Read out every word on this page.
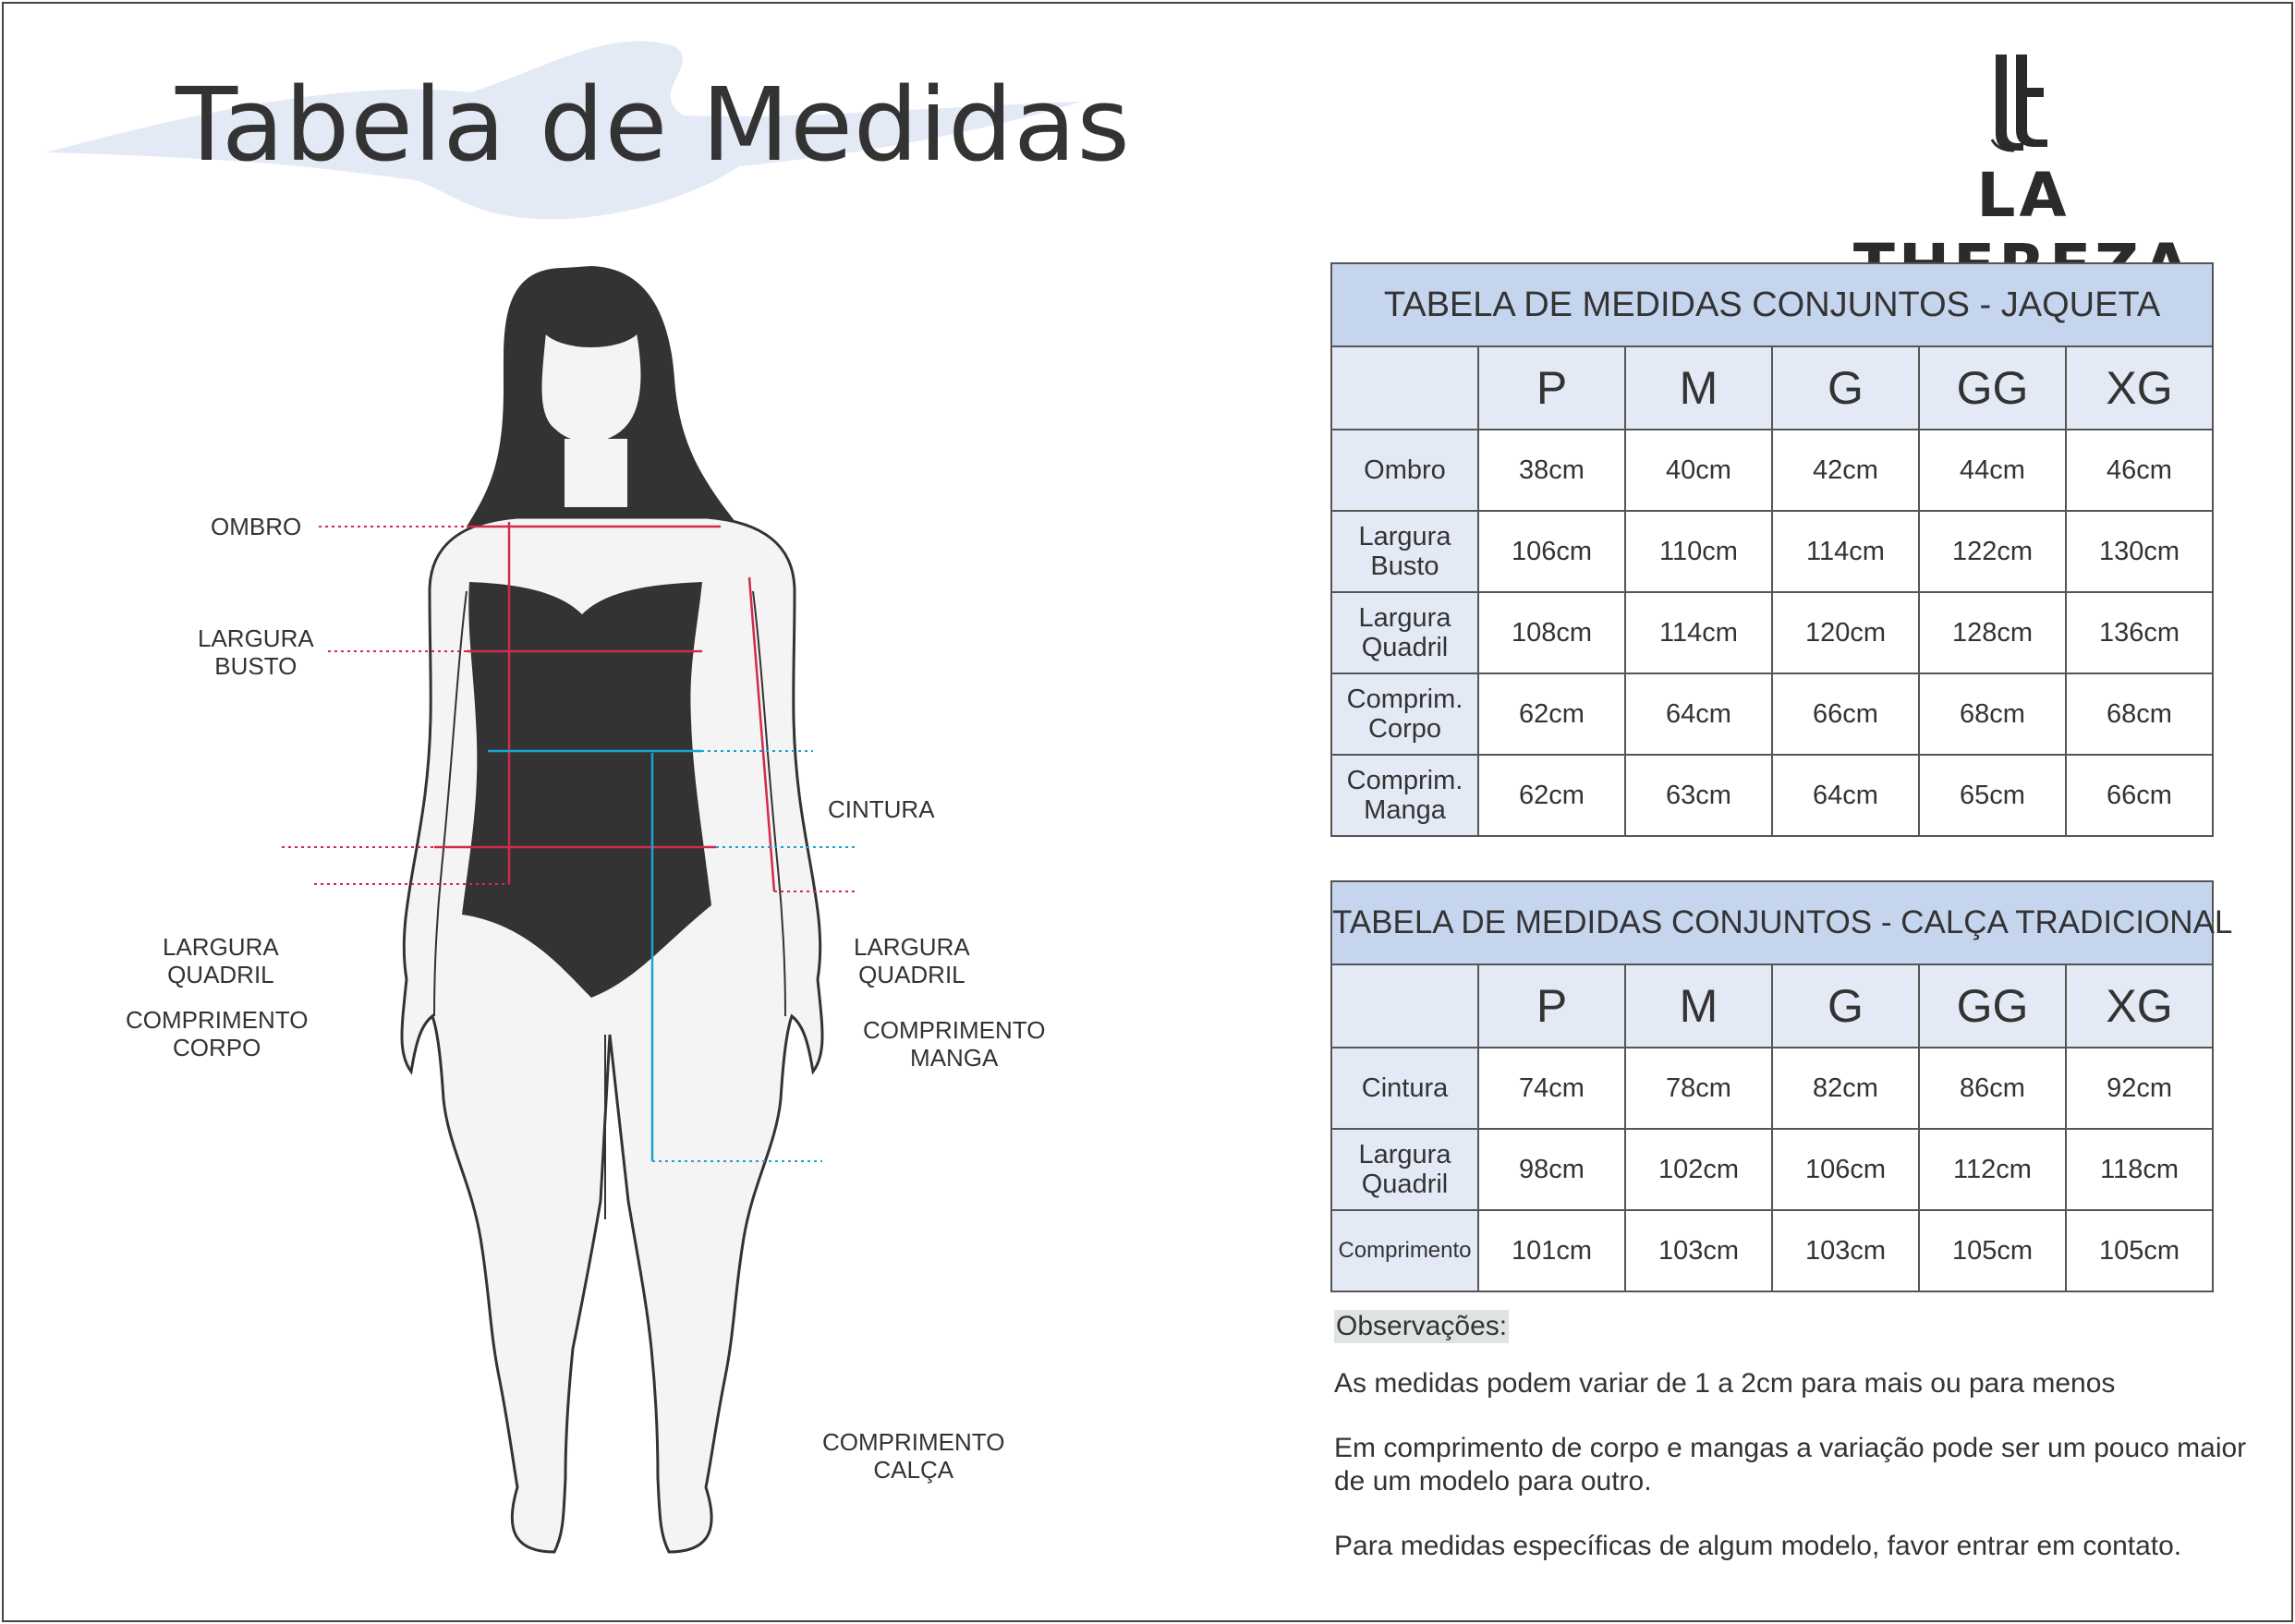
Tabela de Medidas
LA
OMBRO
LARGURA
BUSTO
CINTURA
LARGURA
QUADRIL
LARGURA
QUADRIL
COMPRIMENTO
CORPO
COMPRIMENTO
MANGA
COMPRIMENTO
CALÇA
TABELA DE MEDIDAS CONJUNTOS - JAQUETA					
	P	M	G	GG	XG
Ombro	38cm	40cm	42cm	44cm	46cm
Largura
Busto	106cm	110cm	114cm	122cm	130cm
Largura
Quadril	108cm	114cm	120cm	128cm	136cm
Comprim.
Corpo	62cm	64cm	66cm	68cm	68cm
Comprim.
Manga	62cm	63cm	64cm	65cm	66cm
TABELA DE MEDIDAS CONJUNTOS - CALÇA TRADICIONAL					
	P	M	G	GG	XG
Cintura	74cm	78cm	82cm	86cm	92cm
Largura
Quadril	98cm	102cm	106cm	112cm	118cm
Comprimento	101cm	103cm	103cm	105cm	105cm
Observações:

As medidas podem variar de 1 a 2cm para mais ou para menos

Em comprimento de corpo e mangas a variação pode ser um pouco maior de um modelo para outro.

Para medidas específicas de algum modelo, favor entrar em contato.
